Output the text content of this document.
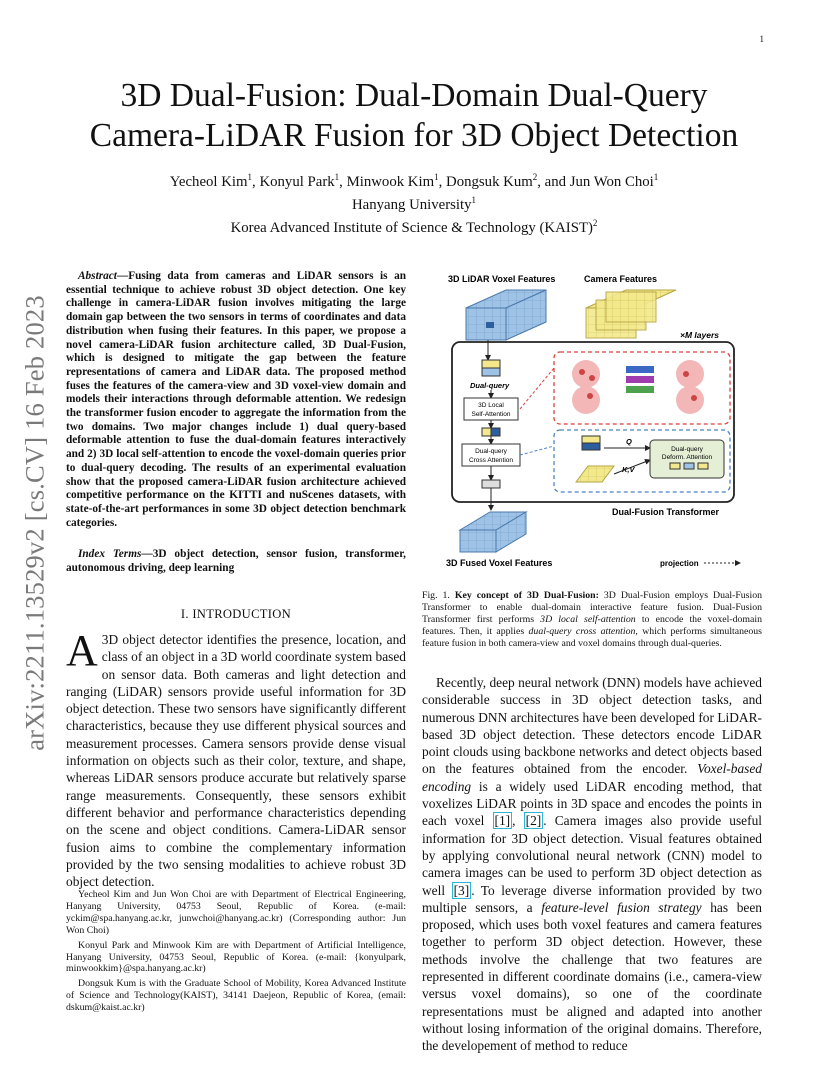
1
arXiv:2211.13529v2 [cs.CV] 16 Feb 2023
3D Dual-Fusion: Dual-Domain Dual-Query
Camera-LiDAR Fusion for 3D Object Detection
Yecheol Kim$^1$, Konyul Park$^1$, Minwook Kim$^1$, Dongsuk Kum$^2$, and Jun Won Choi$^1$
Hanyang University$^1$
Korea Advanced Institute of Science & Technology (KAIST)$^2$
Abstract—Fusing data from cameras and LiDAR sensors is an essential technique to achieve robust 3D object detection. One key challenge in camera-LiDAR fusion involves mitigating the large domain gap between the two sensors in terms of coordinates and data distribution when fusing their features. In this paper, we propose a novel camera-LiDAR fusion architecture called, 3D Dual-Fusion, which is designed to mitigate the gap between the feature representations of camera and LiDAR data. The proposed method fuses the features of the camera-view and 3D voxel-view domain and models their interactions through deformable attention. We redesign the transformer fusion encoder to aggregate the information from the two domains. Two major changes include 1) dual query-based deformable attention to fuse the dual-domain features interactively and 2) 3D local self-attention to encode the voxel-domain queries prior to dual-query decoding. The results of an experimental evaluation show that the proposed camera-LiDAR fusion architecture achieved competitive performance on the KITTI and nuScenes datasets, with state-of-the-art performances in some 3D object detection benchmark categories.
Index Terms—3D object detection, sensor fusion, transformer, autonomous driving, deep learning
I. INTRODUCTION
A 3D object detector identifies the presence, location, and class of an object in a 3D world coordinate system based on sensor data. Both cameras and light detection and ranging (LiDAR) sensors provide useful information for 3D object detection. These two sensors have significantly different characteristics, because they use different physical sources and measurement processes. Camera sensors provide dense visual information on objects such as their color, texture, and shape, whereas LiDAR sensors produce accurate but relatively sparse range measurements. Consequently, these sensors exhibit different behavior and performance characteristics depending on the scene and object conditions. Camera-LiDAR sensor fusion aims to combine the complementary information provided by the two sensing modalities to achieve robust 3D object detection.

Yecheol Kim and Jun Won Choi are with Department of Electrical Engineering, Hanyang University, 04753 Seoul, Republic of Korea. (e-mail: yckim@spa.hanyang.ac.kr, junwchoi@hanyang.ac.kr) (Corresponding author: Jun Won Choi)

Konyul Park and Minwook Kim are with Department of Artificial Intelligence, Hanyang University, 04753 Seoul, Republic of Korea. (e-mail: {konyulpark, minwookkim}@spa.hanyang.ac.kr)

Dongsuk Kum is with the Graduate School of Mobility, Korea Advanced Institute of Science and Technology(KAIST), 34141 Daejeon, Republic of Korea, (email: dskum@kaist.ac.kr)

3D LiDAR Voxel Features	Camera Features
×M layers
Dual-query
3D Local
Self-Attention
Dual-query
Cross Attention
Q
K,V
Dual-query
Deform. Attention
Dual-Fusion Transformer
3D Fused Voxel Features	projection
Fig. 1. Key concept of 3D Dual-Fusion: 3D Dual-Fusion employs Dual-Fusion Transformer to enable dual-domain interactive feature fusion. Dual-Fusion Transformer first performs 3D local self-attention to encode the voxel-domain features. Then, it applies dual-query cross attention, which performs simultaneous feature fusion in both camera-view and voxel domains through dual-queries.

Recently, deep neural network (DNN) models have achieved considerable success in 3D object detection tasks, and numerous DNN architectures have been developed for LiDAR-based 3D object detection. These detectors encode LiDAR point clouds using backbone networks and detect objects based on the features obtained from the encoder. Voxel-based encoding is a widely used LiDAR encoding method, that voxelizes LiDAR points in 3D space and encodes the points in each voxel [1] , [2] . Camera images also provide useful information for 3D object detection. Visual features obtained by applying convolutional neural network (CNN) model to camera images can be used to perform 3D object detection as well [3] . To leverage diverse information provided by two multiple sensors, a feature-level fusion strategy has been proposed, which uses both voxel features and camera features together to perform 3D object detection. However, these methods involve the challenge that two features are represented in different coordinate domains (i.e., camera-view versus voxel domains), so one of the coordinate representations must be aligned and adapted into another without losing information of the original domains. Therefore, the developement of method to reduce
